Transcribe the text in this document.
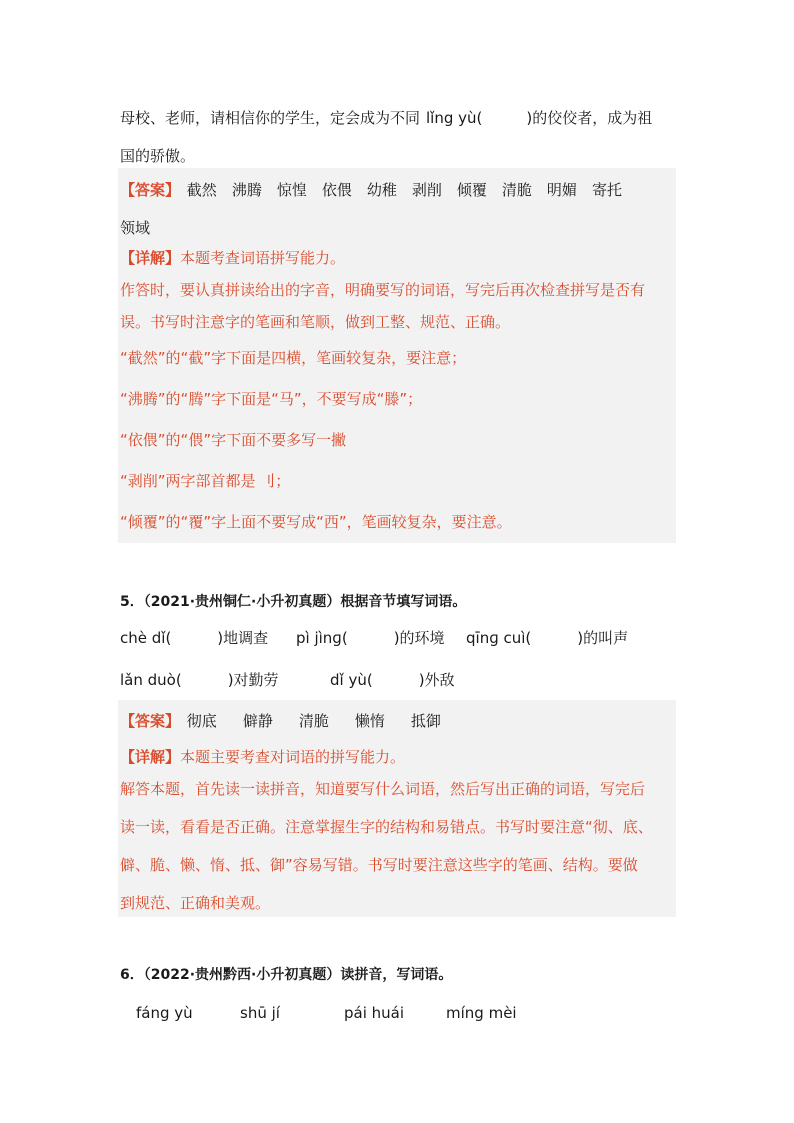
母校、老师，请相信你的学生，定会成为不同 lǐng yù(	)的佼佼者，成为祖
国的骄傲。
【答案】 截然 沸腾 惊惶 依偎 幼稚 剥削 倾覆 清脆 明媚 寄托
领域
【详解】本题考查词语拼写能力。
作答时，要认真拼读给出的字音，明确要写的词语，写完后再次检查拼写是否有
误。书写时注意字的笔画和笔顺，做到工整、规范、正确。
“截然”的“截”字下面是四横，笔画较复杂，要注意；
“沸腾”的“腾”字下面是“马”，不要写成“滕”；
“依偎”的“偎”字下面不要多写一撇
“剥削”两字部首都是 刂；
“倾覆”的“覆”字上面不要写成“西”，笔画较复杂，要注意。
5．（2021·贵州铜仁·小升初真题）根据音节填写词语。
chè dǐ(	)地调查 pì jìnɡ(	)的环境 qīnɡ cuì(	)的叫声
lǎn duò(	)对勤劳	dǐ yù(	)外敌
【答案】 彻底 僻静 清脆 懒惰 抵御
【详解】本题主要考查对词语的拼写能力。
解答本题，首先读一读拼音，知道要写什么词语，然后写出正确的词语，写完后
读一读，看看是否正确。注意掌握生字的结构和易错点。书写时要注意“彻、底、
僻、脆、懒、惰、抵、御”容易写错。书写时要注意这些字的笔画、结构。要做
到规范、正确和美观。
6．（2022·贵州黔西·小升初真题）读拼音，写词语。
fáng yù	shū jí	pái huái	míng mèi
